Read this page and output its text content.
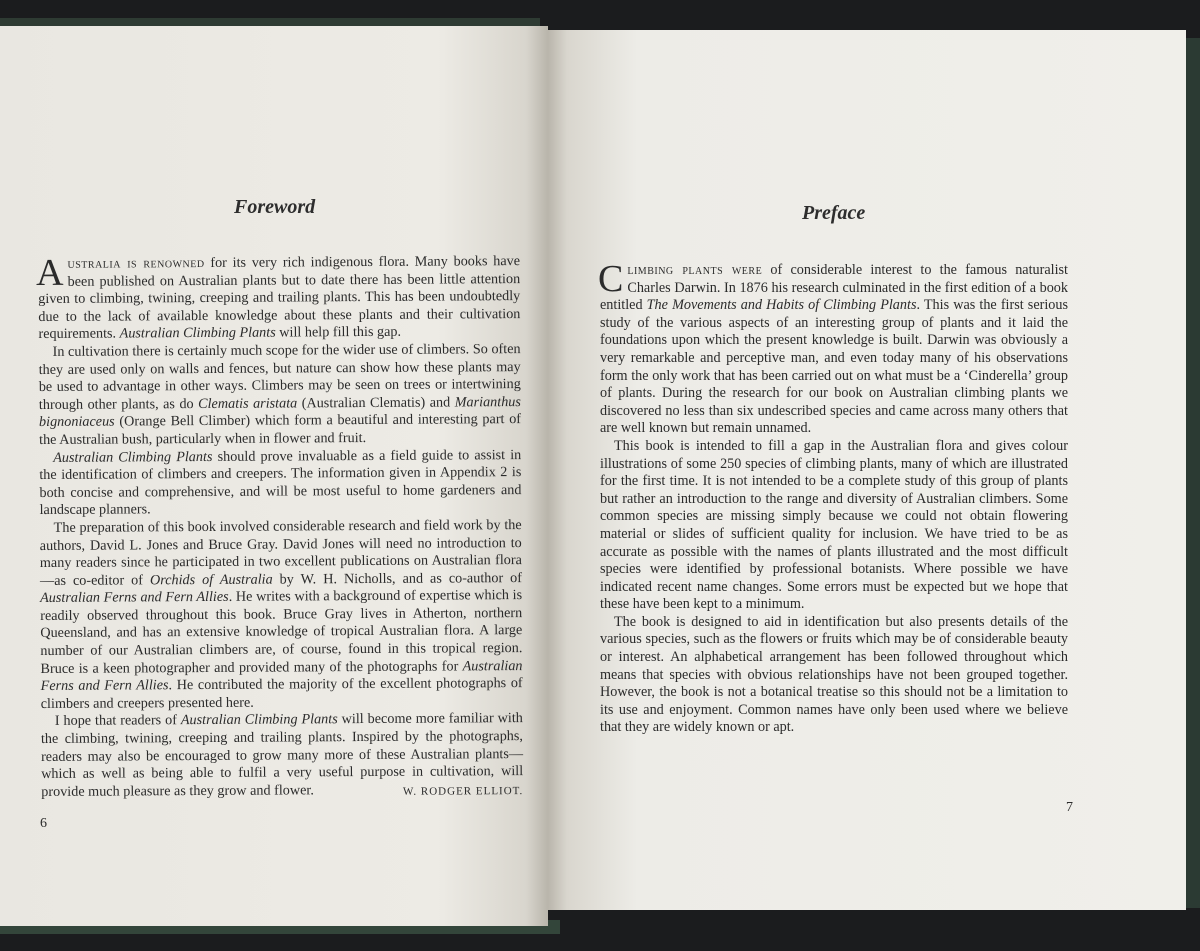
Foreword

Australia is renowned for its very rich indigenous flora. Many books have been published on Australian plants but to date there has been little attention given to climbing, twining, creeping and trailing plants. This has been undoubtedly due to the lack of available knowledge about these plants and their cultivation requirements. Australian Climbing Plants will help fill this gap.

In cultivation there is certainly much scope for the wider use of climbers. So often they are used only on walls and fences, but nature can show how these plants may be used to advantage in other ways. Climbers may be seen on trees or intertwining through other plants, as do Clematis aristata (Australian Clematis) and Marianthus bignoniaceus (Orange Bell Climber) which form a beautiful and interesting part of the Australian bush, particularly when in flower and fruit.

Australian Climbing Plants should prove invaluable as a field guide to assist in the identification of climbers and creepers. The information given in Appendix 2 is both concise and comprehensive, and will be most useful to home gardeners and landscape planners.

The preparation of this book involved considerable research and field work by the authors, David L. Jones and Bruce Gray. David Jones will need no introduction to many readers since he participated in two excellent publications on Australian flora—as co-editor of Orchids of Australia by W. H. Nicholls, and as co-author of Australian Ferns and Fern Allies. He writes with a background of expertise which is readily observed throughout this book. Bruce Gray lives in Atherton, northern Queensland, and has an extensive knowledge of tropical Australian flora. A large number of our Australian climbers are, of course, found in this tropical region. Bruce is a keen photographer and provided many of the photographs for Australian Ferns and Fern Allies. He contributed the majority of the excellent photographs of climbers and creepers presented here.

I hope that readers of Australian Climbing Plants will become more familiar with the climbing, twining, creeping and trailing plants. Inspired by the photographs, readers may also be encouraged to grow many more of these Australian plants—which as well as being able to fulfil a very useful purpose in cultivation, will provide much pleasure as they grow and flower.	W. RODGER ELLIOT.
6
Preface

Climbing plants were of considerable interest to the famous naturalist Charles Darwin. In 1876 his research culminated in the first edition of a book entitled The Movements and Habits of Climbing Plants. This was the first serious study of the various aspects of an interesting group of plants and it laid the foundations upon which the present knowledge is built. Darwin was obviously a very remarkable and perceptive man, and even today many of his observations form the only work that has been carried out on what must be a ‘Cinderella’ group of plants. During the research for our book on Australian climbing plants we discovered no less than six undescribed species and came across many others that are well known but remain unnamed.

This book is intended to fill a gap in the Australian flora and gives colour illustrations of some 250 species of climbing plants, many of which are illustrated for the first time. It is not intended to be a complete study of this group of plants but rather an introduction to the range and diversity of Australian climbers. Some common species are missing simply because we could not obtain flowering material or slides of sufficient quality for inclusion. We have tried to be as accurate as possible with the names of plants illustrated and the most difficult species were identified by professional botanists. Where possible we have indicated recent name changes. Some errors must be expected but we hope that these have been kept to a minimum.

The book is designed to aid in identification but also presents details of the various species, such as the flowers or fruits which may be of considerable beauty or interest. An alphabetical arrangement has been followed throughout which means that species with obvious relationships have not been grouped together. However, the book is not a botanical treatise so this should not be a limitation to its use and enjoyment. Common names have only been used where we believe that they are widely known or apt.

7
